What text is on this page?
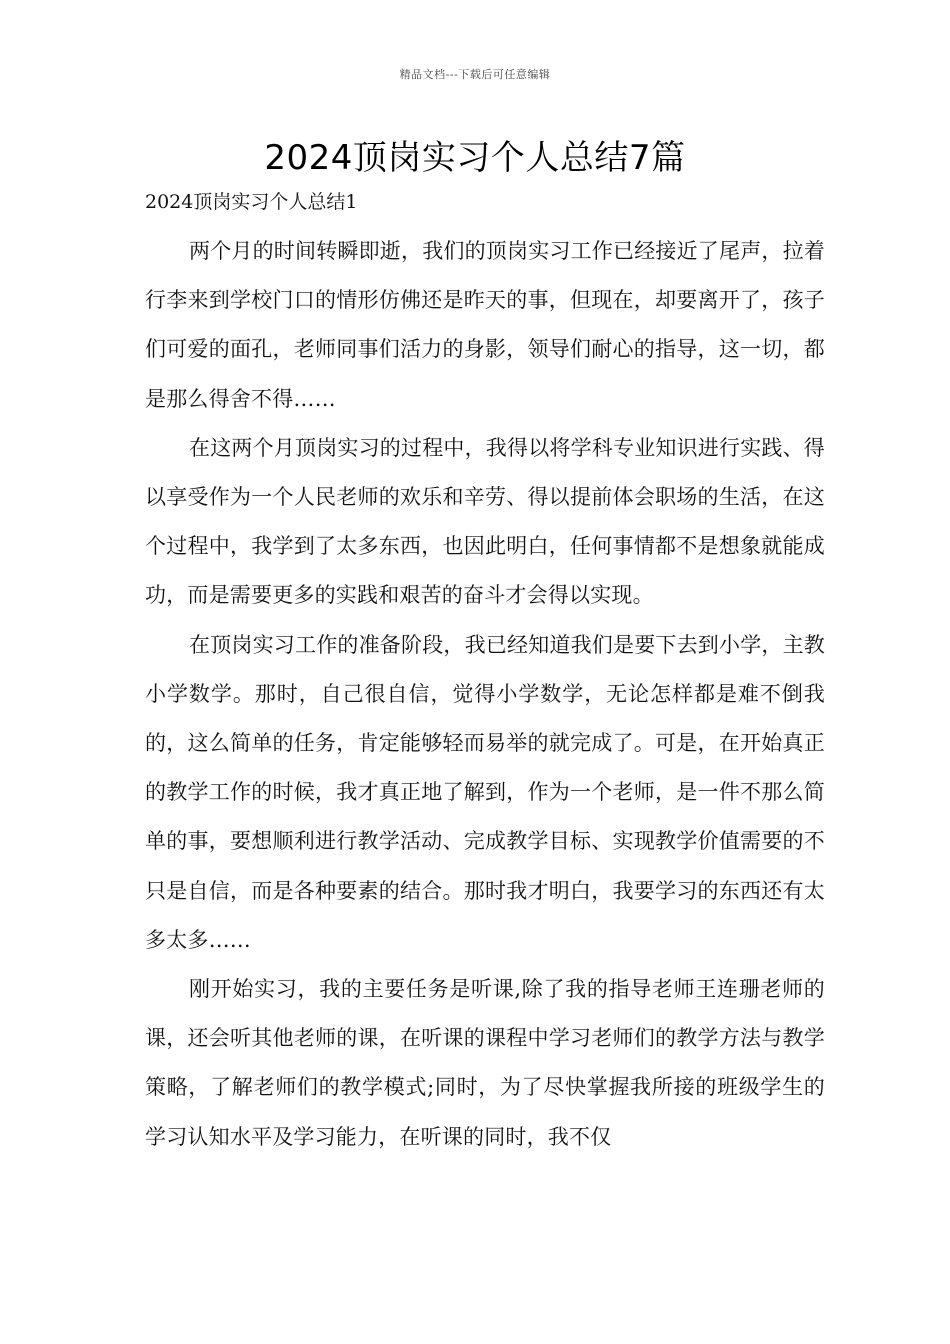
精品文档---下载后可任意编辑
2024顶岗实习个人总结7篇
2024顶岗实习个人总结1

两个月的时间转瞬即逝，我们的顶岗实习工作已经接近了尾声，拉着行李来到学校门口的情形仿佛还是昨天的事，但现在，却要离开了，孩子们可爱的面孔，老师同事们活力的身影，领导们耐心的指导，这一切，都是那么得舍不得……

在这两个月顶岗实习的过程中，我得以将学科专业知识进行实践、得以享受作为一个人民老师的欢乐和辛劳、得以提前体会职场的生活，在这个过程中，我学到了太多东西，也因此明白，任何事情都不是想象就能成功，而是需要更多的实践和艰苦的奋斗才会得以实现。

在顶岗实习工作的准备阶段，我已经知道我们是要下去到小学，主教小学数学。那时，自己很自信，觉得小学数学，无论怎样都是难不倒我的，这么简单的任务，肯定能够轻而易举的就完成了。可是，在开始真正的教学工作的时候，我才真正地了解到，作为一个老师，是一件不那么简单的事，要想顺利进行教学活动、完成教学目标、实现教学价值需要的不只是自信，而是各种要素的结合。那时我才明白，我要学习的东西还有太多太多……

刚开始实习，我的主要任务是听课,除了我的指导老师王连珊老师的课，还会听其他老师的课，在听课的课程中学习老师们的教学方法与教学策略，了解老师们的教学模式;同时，为了尽快掌握我所接的班级学生的学习认知水平及学习能力，在听课的同时，我不仅
